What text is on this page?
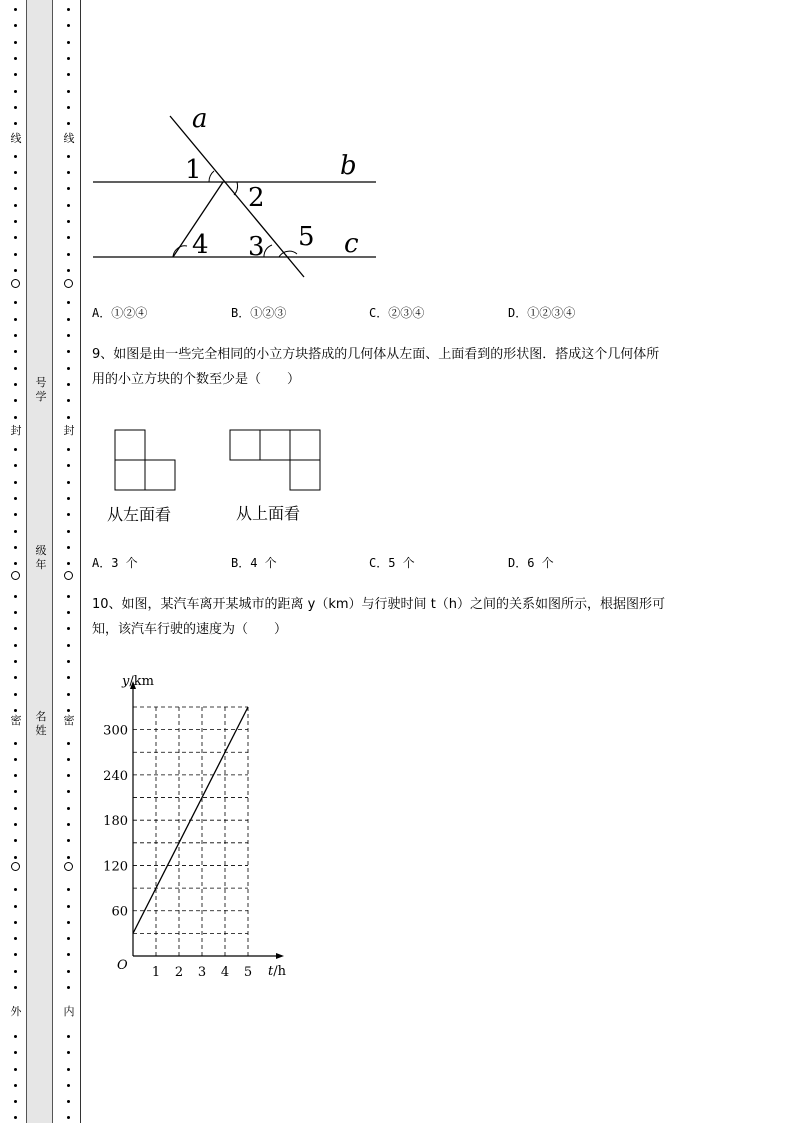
线
封
密
外
线
封
密
内
号学
级年
名姓
a
b
c
1
2
3
4	5
A．①②④	B．①②③	C．②③④	D．①②③④
9、如图是由一些完全相同的小立方块搭成的几何体从左面、上面看到的形状图．搭成这个几何体所
用的小立方块的个数至少是（　　）
从左面看	从上面看
A．3 个	B．4 个	C．5 个	D．6 个
10、如图，某汽车离开某城市的距离 y（km）与行驶时间 t（h）之间的关系如图所示，根据图形可
知，该汽车行驶的速度为（　　）
1 2 3 4 5
60
120
180
240
300
y/km
t/h
O
